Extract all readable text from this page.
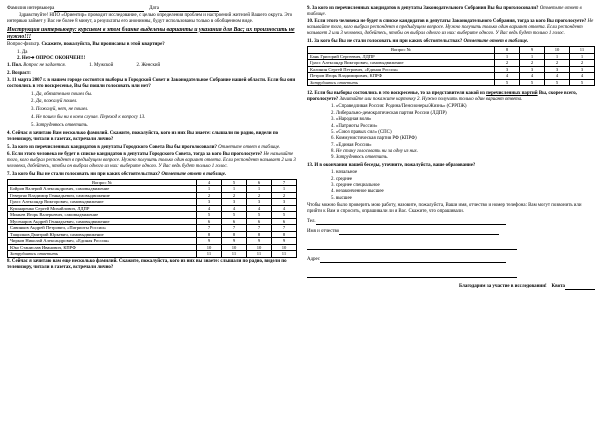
Фамилия интервьюера	Дата

Здравствуйте! НПО «Ориентир» проводит исследование, с целью определения проблем и настроений жителей Вашего округа. Это интервью займет у Вас не более 8 минут, а результаты его анонимны, будут использованы только в обобщенном виде.

Инструкция интервьюеру: курсивом в этом бланке выделены варианты и указания для Вас; их произносить не нужно!!!

Вопрос-фильтр. Скажите, пожалуйста, Вы прописаны в этой квартире?

1. Да
2. Нет➔ ОПРОС ОКОНЧЕН!!!

1. Пол. Вопрос не задается.	1. Мужской	2. Женский

2. Возраст:

3. 11 марта 2007 г. в нашем городе состоятся выборы в Городской Совет и Законодательное Собрание нашей области. Если бы они состоялись в это воскресенье, Вы бы пошли голосовать или нет?

1. Да, обязательно пошел бы.
2. Да, пожалуй пошел.
3. Пожалуй, нет, не пошел.
4. Не пошел бы ни в коем случае. Переход к вопросу 13.
5. Затрудняюсь ответить.

4. Сейчас я зачитаю Вам несколько фамилий. Скажите, пожалуйста, кого из них Вы знаете: слышали по радио, видели по телевизору, читали в газетах, встречали лично?

5. За кого из перечисленных кандидатов в депутаты Городского Совета Вы бы проголосовали? Отметьте ответ в таблице.

6. Если этого человека не будет в списке кандидатов в депутаты Городского Совета, тогда за кого Вы проголосуете? Не называйте того, кого выбрал респондент в предыдущем вопросе. Нужно получить только один вариант ответа. Если респондент называет 2 или 3 человека, добейтесь, чтобы он выбрал одного из них: выберите одного. У Вас ведь будет только 1 голос.

7. За кого бы Вы не стали голосовать ни при каких обстоятельствах? Отметьте ответ в таблице.

Вопрос №	4	5	6	7
Бойров Валерий Александрович, самовыдвижение	1	1	1	1
Гевергяо Владимир Геннадьевич, самовыдвижение	2	2	2	2
Грасс Александр Викторович, самовыдвижение	3	3	3	3
Кушнаренко Сергей Михайлович, ЛДПР	4	4	4	4
Миньев Игорь Валерьевич, самовыдвижение	5	5	5	5
Мусенаров Андрей Геннадьевич, самовыдвижение	6	6	6	6
Савинков Андрей Петрович, «Патриоты России»	7	7	7	7
Тащилков Дмитрий Юрьевич, самовыдвижение	8	8	8	8
Чирков Николай Александрович, «Единая Россия»	9	9	9	9
Юко Станислав Иванович, КПРФ	10	10	10	10
Затрудняюсь ответить	11	11	11	11

8. Сейчас я зачитаю вам еще несколько фамилий. Скажите, пожалуйста, кого из них вы знаете: слышали по радио, видели по телевизору, читали в газетах, встречали лично?

9. За кого из перечисленных кандидатов в депутаты Законодательного Собрания Вы бы проголосовали? Отметьте ответ в таблице.

10. Если этого человека не будет в списке кандидатов в депутаты Законодательного Собрания, тогда за кого Вы проголосуете? Не называйте того, кого выбрал респондент в предыдущем вопросе. Нужно получить только один вариант ответа. Если респондент называет 2 или 3 человека, добейтесь, чтобы он выбрал одного из них: выберите одного. У Вас ведь будет только 1 голос.

11. За кого бы Вы не стали голосовать ни при каких обстоятельствах? Отметьте ответ в таблице.

Вопрос №	8	9	10	11
Бань Григорий Сергеевич, ЛДПР	1	1	1	1
Грасс Александр Викторович, самовыдвижение	2	2	2	2
Калинин Сергей Петрович, «Единая Россия»	3	3	3	3
Петров Игорь Владимирович, КПРФ	4	4	4	4
Затрудняюсь ответить	5	5	5	5

12. Если бы выборы состоялись в это воскресенье, то за представителя какой из перечисленных партий Вы, скорее всего, проголосуете? Зачитайте или покажите карточку 2. Нужно получить только один вариант ответа.

1. «Справедливая Россия: Родина/Пенсионеры/Жизнь» (СРРПЖ)
2. Либерально-демократическая партия России (ЛДПР)
3. «Народная воля»
4. «Патриоты России»
5. «Союз правых сил» (СПС)
6. Коммунистическая партия РФ (КПРФ)
7. «Единая Россия»
8. Не стану голосовать ни за одну из них.
9. Затрудняюсь ответить.

13. И в окончании нашей беседы, уточните, пожалуйста, ваше образование?

1. начальное
2. среднее
3. среднее специальное
4. незаконченное высшее
5. высшее

Чтобы можно было проверить мою работу, назовите, пожалуйста, Ваши имя, отчество и номер телефона: Вам могут позвонить или прийти к Вам и спросить, опрашивали ли я Вас. Скажите, что опрашивали.

Тел.

Имя и отчество

Адрес

Благодарим за участие в исследовании! Квота
